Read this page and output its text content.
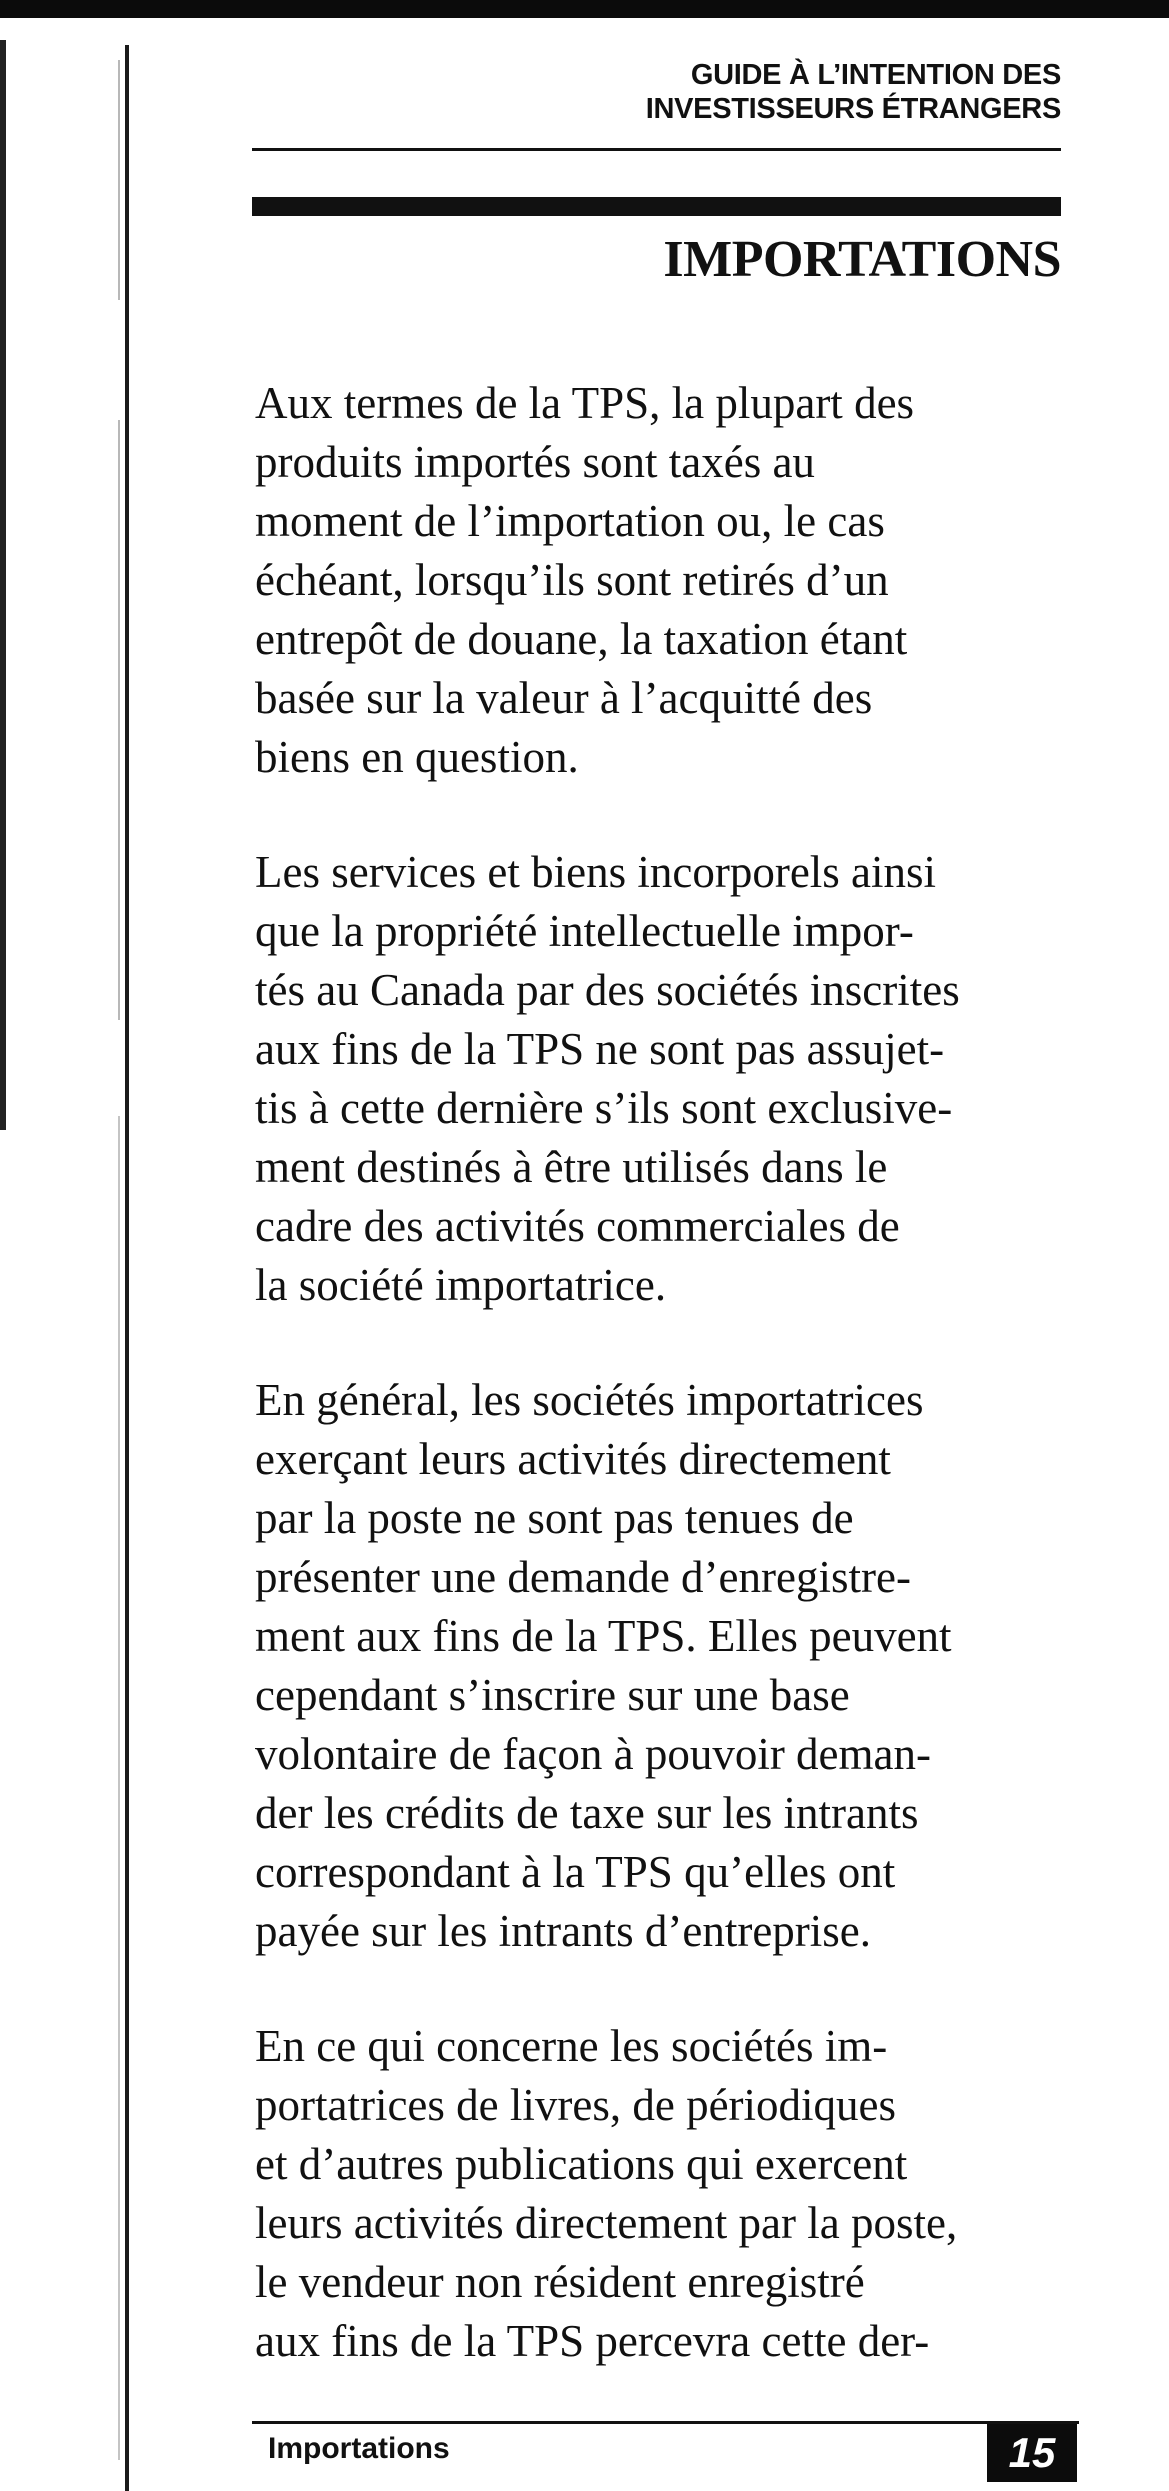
GUIDE À L’INTENTION DES
INVESTISSEURS ÉTRANGERS
IMPORTATIONS

Aux termes de la TPS, la plupart des
produits importés sont taxés au
moment de l’importation ou, le cas
échéant, lorsqu’ils sont retirés d’un
entrepôt de douane, la taxation étant
basée sur la valeur à l’acquitté des
biens en question.

Les services et biens incorporels ainsi
que la propriété intellectuelle impor-
tés au Canada par des sociétés inscrites
aux fins de la TPS ne sont pas assujet-
tis à cette dernière s’ils sont exclusive-
ment destinés à être utilisés dans le
cadre des activités commerciales de
la société importatrice.

En général, les sociétés importatrices
exerçant leurs activités directement
par la poste ne sont pas tenues de
présenter une demande d’enregistre-
ment aux fins de la TPS. Elles peuvent
cependant s’inscrire sur une base
volontaire de façon à pouvoir deman-
der les crédits de taxe sur les intrants
correspondant à la TPS qu’elles ont
payée sur les intrants d’entreprise.

En ce qui concerne les sociétés im-
portatrices de livres, de périodiques
et d’autres publications qui exercent
leurs activités directement par la poste,
le vendeur non résident enregistré
aux fins de la TPS percevra cette der-

Importations	15
